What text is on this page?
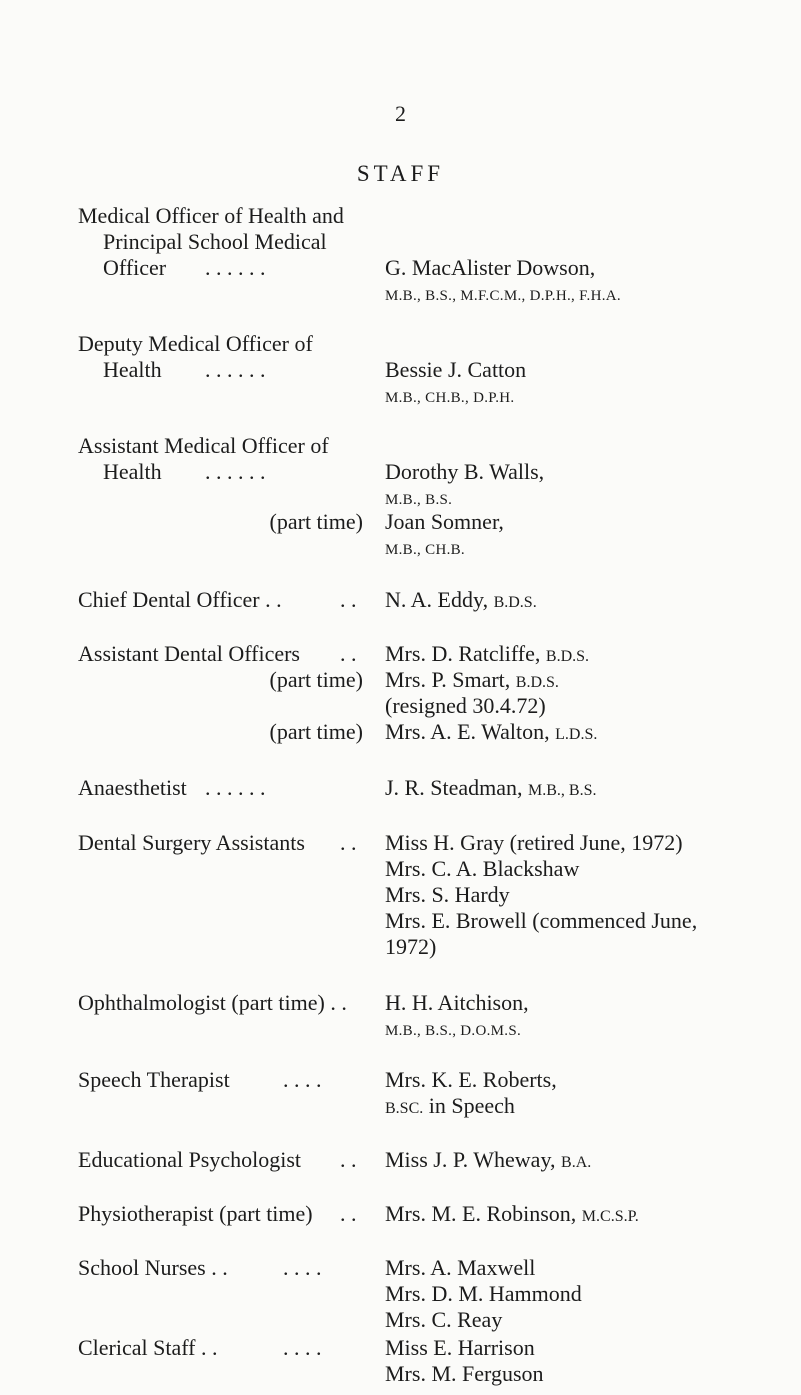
2
STAFF
Medical Officer of Health and
Principal School Medical
Officer . . . . . .	G. MacAlister Dowson,
M.B., B.S., M.F.C.M., D.P.H., F.H.A.
Deputy Medical Officer of
Health . . . . . .	Bessie J. Catton
M.B., CH.B., D.P.H.
Assistant Medical Officer of
Health . . . . . .	Dorothy B. Walls,
M.B., B.S.
(part time) Joan Somner,
M.B., CH.B.
Chief Dental Officer . .	. . N. A. Eddy, B.D.S.
Assistant Dental Officers . . Mrs. D. Ratcliffe, B.D.S.
(part time) Mrs. P. Smart, B.D.S.
(resigned 30.4.72)
(part time) Mrs. A. E. Walton, L.D.S.
Anaesthetist . . . . . .	J. R. Steadman, M.B., B.S.
Dental Surgery Assistants . . Miss H. Gray (retired June, 1972)
Mrs. C. A. Blackshaw
Mrs. S. Hardy
Mrs. E. Browell (commenced June,
1972)
Ophthalmologist (part time) . . H. H. Aitchison,
M.B., B.S., D.O.M.S.
Speech Therapist . . . .	Mrs. K. E. Roberts,
B.SC. in Speech
Educational Psychologist . . Miss J. P. Wheway, B.A.
Physiotherapist (part time) . . Mrs. M. E. Robinson, M.C.S.P.
School Nurses . .	. . . .	Mrs. A. Maxwell
Mrs. D. M. Hammond
Mrs. C. Reay
Clerical Staff . .	. . . .	Miss E. Harrison
Mrs. M. Ferguson
